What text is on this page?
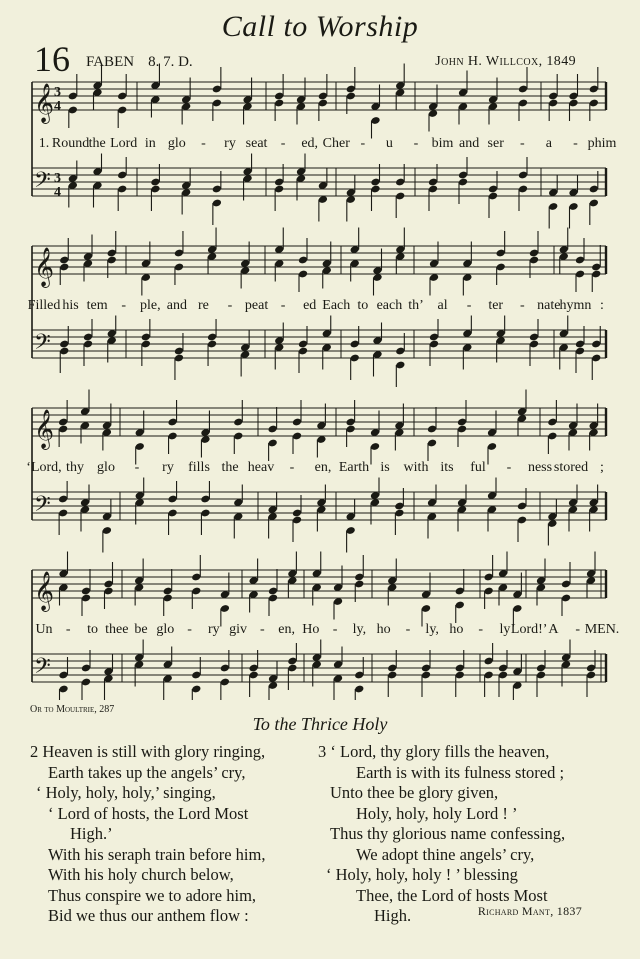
Call to Worship
16 FABEN 8. 7. D.	John H. Willcox, 1849
𝄞 3
4
𝄢 3
4
𝄞
𝄢
𝄞
𝄢
𝄞
𝄢
1. Round the Lord in glo - ry seat - ed, Cher - u - bim and ser - a - phim
Filled his tem - ple, and re - peat - ed Each to each th’ al - ter - nate
hymn :
‘Lord, thy glo - ry fills the heav - en, Earth is with its ful - ness stored ;
Un - to thee be glo - ry giv - en, Ho - ly, ho - ly, ho - ly Lord!’ A - MEN.
Or to Moultrie, 287
To the Thrice Holy
2 Heaven is still with glory ringing,
Earth takes up the angels’ cry,
‘ Holy, holy, holy,’ singing,
‘ Lord of hosts, the Lord Most
High.’
With his seraph train before him,
With his holy church below,
Thus conspire we to adore him,
Bid we thus our anthem flow :
3 ‘ Lord, thy glory fills the heaven,
Earth is with its fulness stored ;
Unto thee be glory given,
Holy, holy, holy Lord ! ’
Thus thy glorious name confessing,
We adopt thine angels’ cry,
‘ Holy, holy, holy ! ’ blessing
Thee, the Lord of hosts Most
High.	Richard Mant, 1837
